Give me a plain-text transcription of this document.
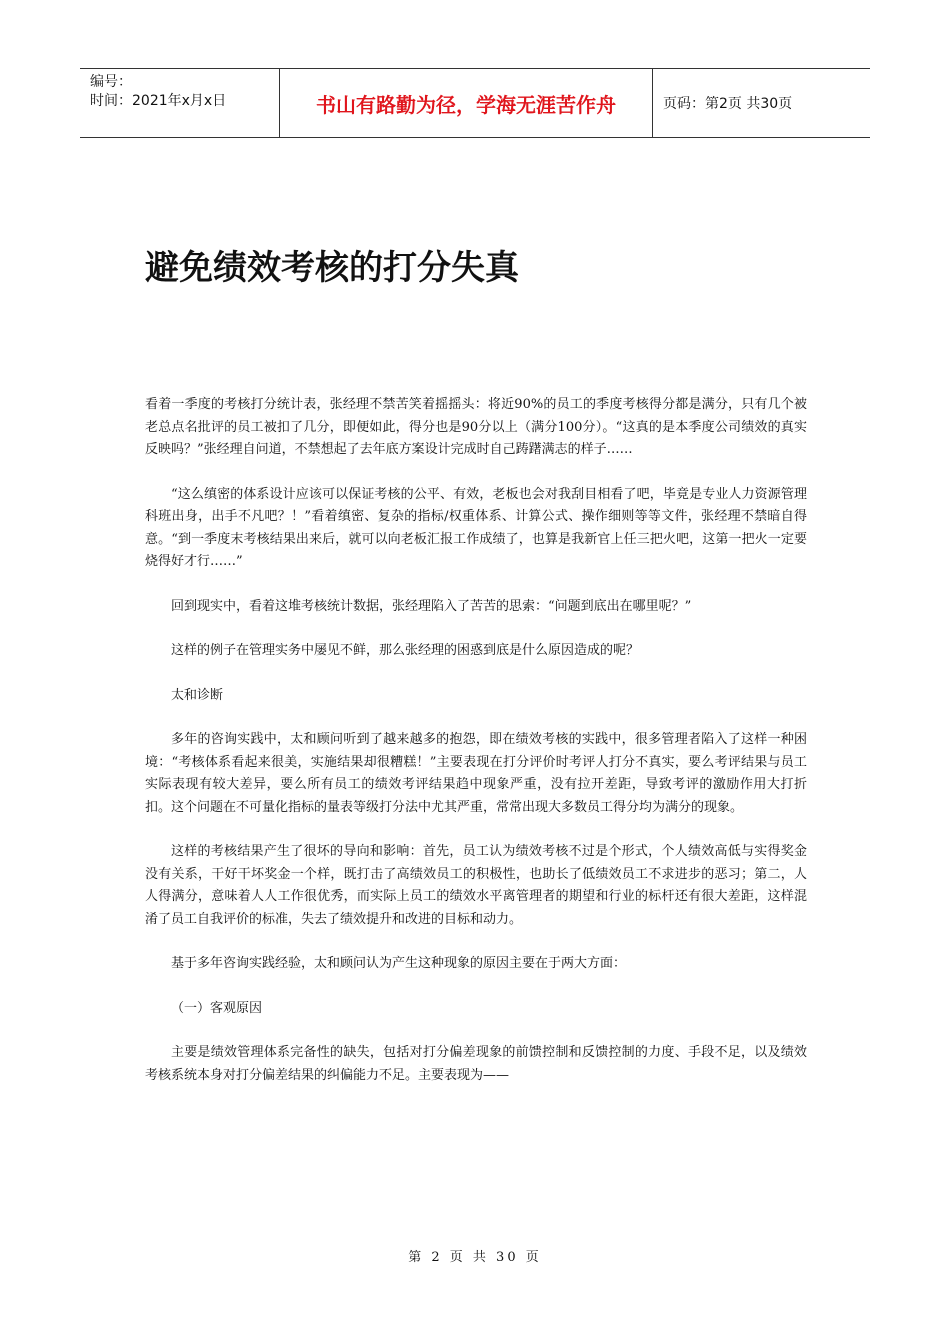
编号：
时间：2021年x月x日	书山有路勤为径，学海无涯苦作舟	页码：第2页 共30页
避免绩效考核的打分失真

看着一季度的考核打分统计表，张经理不禁苦笑着摇摇头：将近90%的员工的季度考核得分都是满分，只有几个被老总点名批评的员工被扣了几分，即便如此，得分也是90分以上（满分100分）。“这真的是本季度公司绩效的真实反映吗？”张经理自问道，不禁想起了去年底方案设计完成时自己踌躇满志的样子……

“这么缜密的体系设计应该可以保证考核的公平、有效，老板也会对我刮目相看了吧，毕竟是专业人力资源管理科班出身，出手不凡吧？！”看着缜密、复杂的指标/权重体系、计算公式、操作细则等等文件，张经理不禁暗自得意。“到一季度末考核结果出来后，就可以向老板汇报工作成绩了，也算是我新官上任三把火吧，这第一把火一定要烧得好才行……”

回到现实中，看着这堆考核统计数据，张经理陷入了苦苦的思索：“问题到底出在哪里呢？”

这样的例子在管理实务中屡见不鲜，那么张经理的困惑到底是什么原因造成的呢？

太和诊断

多年的咨询实践中，太和顾问听到了越来越多的抱怨，即在绩效考核的实践中，很多管理者陷入了这样一种困境：“考核体系看起来很美，实施结果却很糟糕！”主要表现在打分评价时考评人打分不真实，要么考评结果与员工实际表现有较大差异，要么所有员工的绩效考评结果趋中现象严重，没有拉开差距，导致考评的激励作用大打折扣。这个问题在不可量化指标的量表等级打分法中尤其严重，常常出现大多数员工得分均为满分的现象。

这样的考核结果产生了很坏的导向和影响：首先，员工认为绩效考核不过是个形式，个人绩效高低与实得奖金没有关系，干好干坏奖金一个样，既打击了高绩效员工的积极性，也助长了低绩效员工不求进步的恶习；第二，人人得满分，意味着人人工作很优秀，而实际上员工的绩效水平离管理者的期望和行业的标杆还有很大差距，这样混淆了员工自我评价的标准，失去了绩效提升和改进的目标和动力。

基于多年咨询实践经验，太和顾问认为产生这种现象的原因主要在于两大方面：

（一）客观原因

主要是绩效管理体系完备性的缺失，包括对打分偏差现象的前馈控制和反馈控制的力度、手段不足，以及绩效考核系统本身对打分偏差结果的纠偏能力不足。主要表现为——

第 2 页 共 30 页
